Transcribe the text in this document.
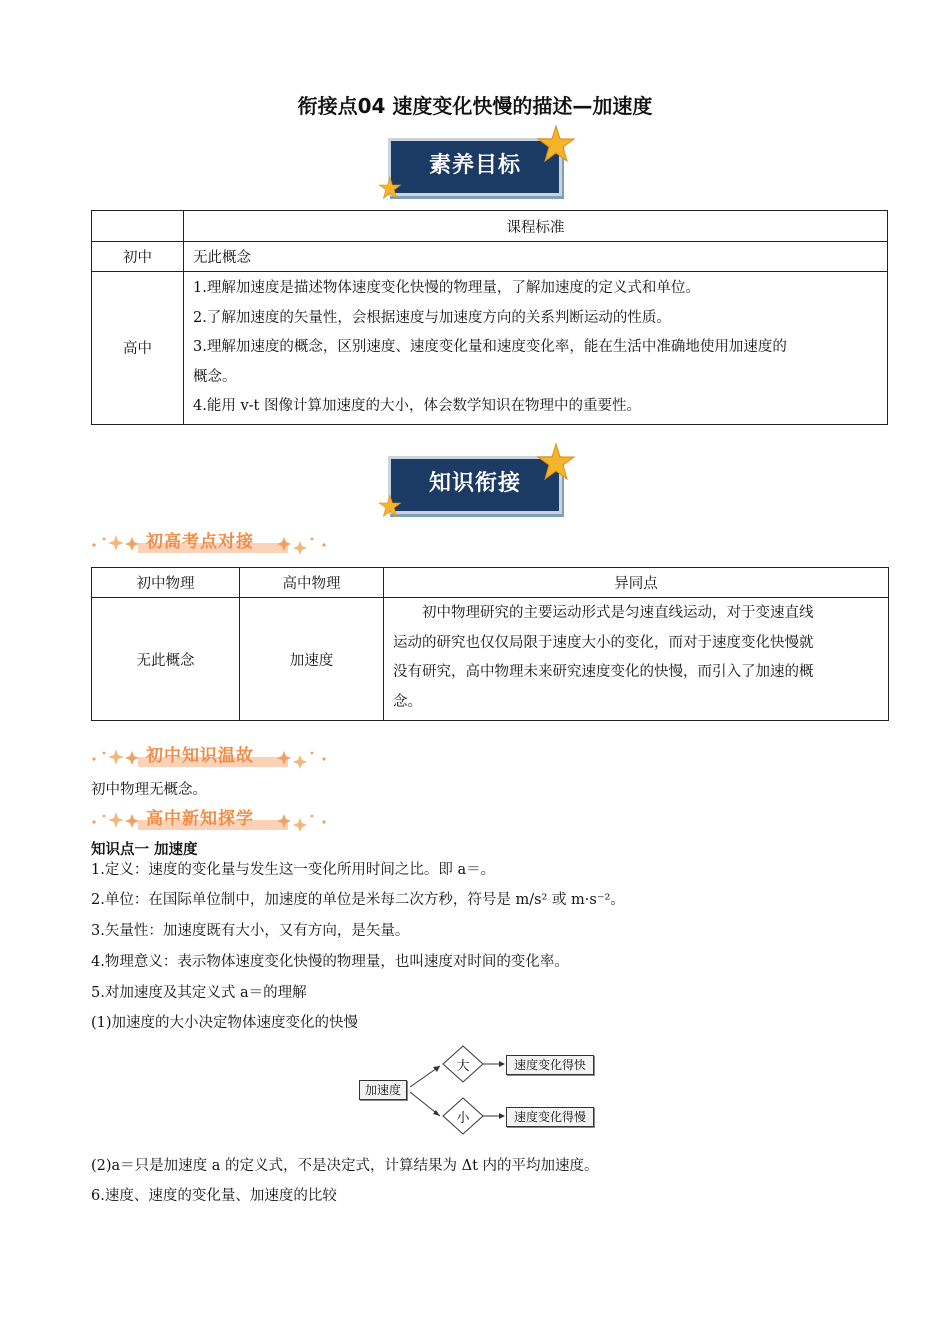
衔接点04 速度变化快慢的描述—加速度
素养目标
	课程标准
初中	无此概念
高中	1.理解加速度是描述物体速度变化快慢的物理量，了解加速度的定义式和单位。
2.了解加速度的矢量性，会根据速度与加速度方向的关系判断运动的性质。
3.理解加速度的概念，区别速度、速度变化量和速度变化率，能在生活中准确地使用加速度的
概念。
4.能用 v-t 图像计算加速度的大小，体会数学知识在物理中的重要性。
知识衔接
初高考点对接
初中物理	高中物理	异同点
无此概念	加速度	初中物理研究的主要运动形式是匀速直线运动，对于变速直线
运动的研究也仅仅局限于速度大小的变化，而对于速度变化快慢就
没有研究，高中物理未来研究速度变化的快慢，而引入了加速的概
念。
初中知识温故
初中物理无概念。
高中新知探学
知识点一 加速度
1.定义：速度的变化量与发生这一变化所用时间之比。即 a＝。
2.单位：在国际单位制中，加速度的单位是米每二次方秒，符号是 m/s² 或 m·s⁻²。
3.矢量性：加速度既有大小，又有方向，是矢量。
4.物理意义：表示物体速度变化快慢的物理量，也叫速度对时间的变化率。
5.对加速度及其定义式 a＝的理解
(1)加速度的大小决定物体速度变化的快慢
加速度
大
小
速度变化得快
速度变化得慢
(2)a＝只是加速度 a 的定义式，不是决定式，计算结果为 Δt 内的平均加速度。
6.速度、速度的变化量、加速度的比较
